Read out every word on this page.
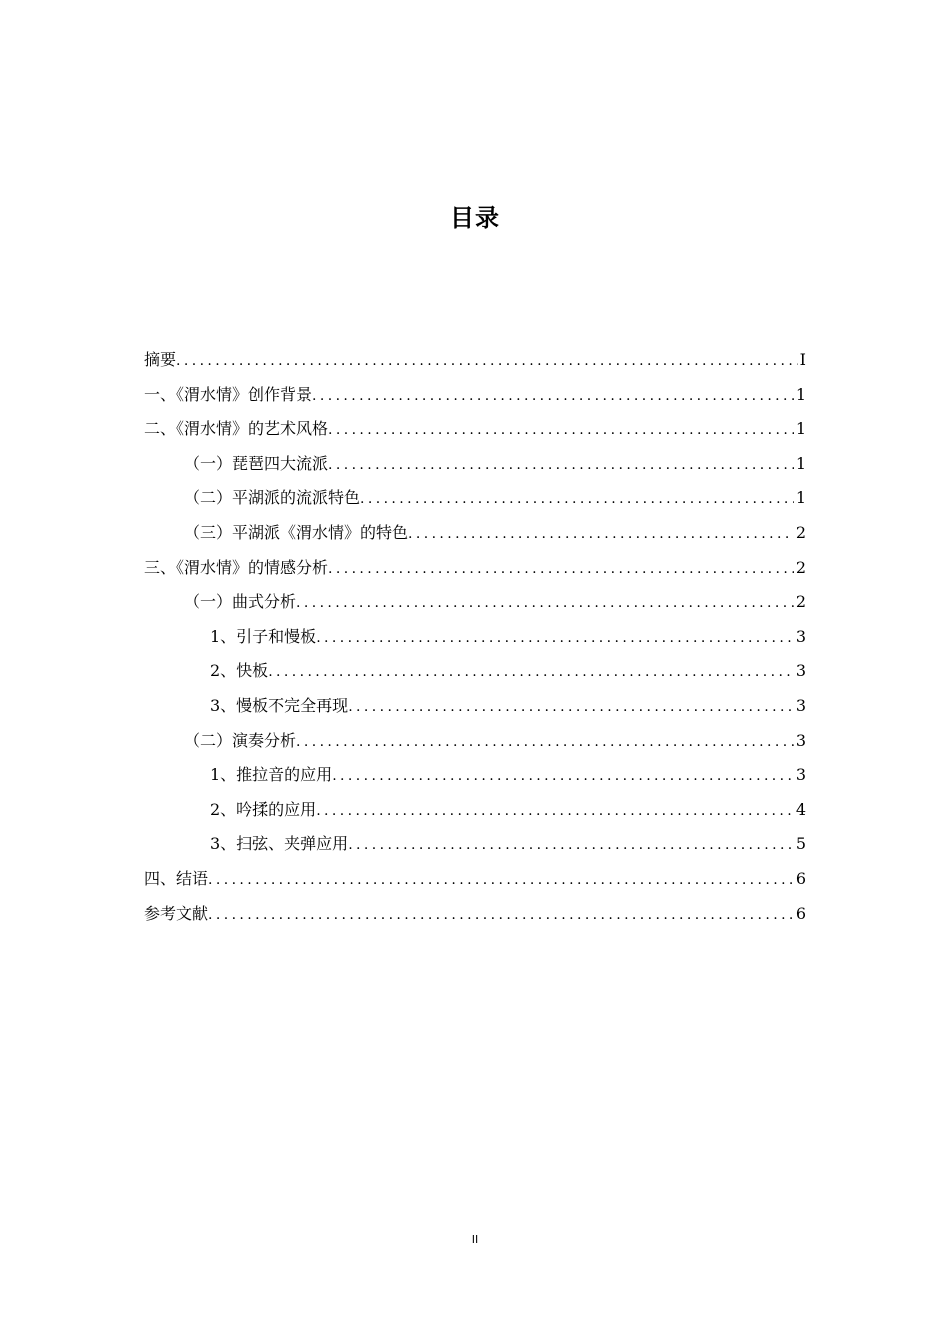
目录
摘要 .....	I
一、《渭水情》创作背景 .....	1
二、《渭水情》的艺术风格 .....	1
（一）琵琶四大流派 .....	1
（二）平湖派的流派特色 .....	1
（三）平湖派《渭水情》的特色 .....	2
三、《渭水情》的情感分析 .....	2
（一）曲式分析 .....	2
1、引子和慢板 .....	3
2、快板 .....	3
3、慢板不完全再现 .....	3
（二）演奏分析 .....	3
1、推拉音的应用 .....	3
2、吟揉的应用 .....	4
3、扫弦、夹弹应用 .....	5
四、结语 .....	6
参考文献 .....	6
II
